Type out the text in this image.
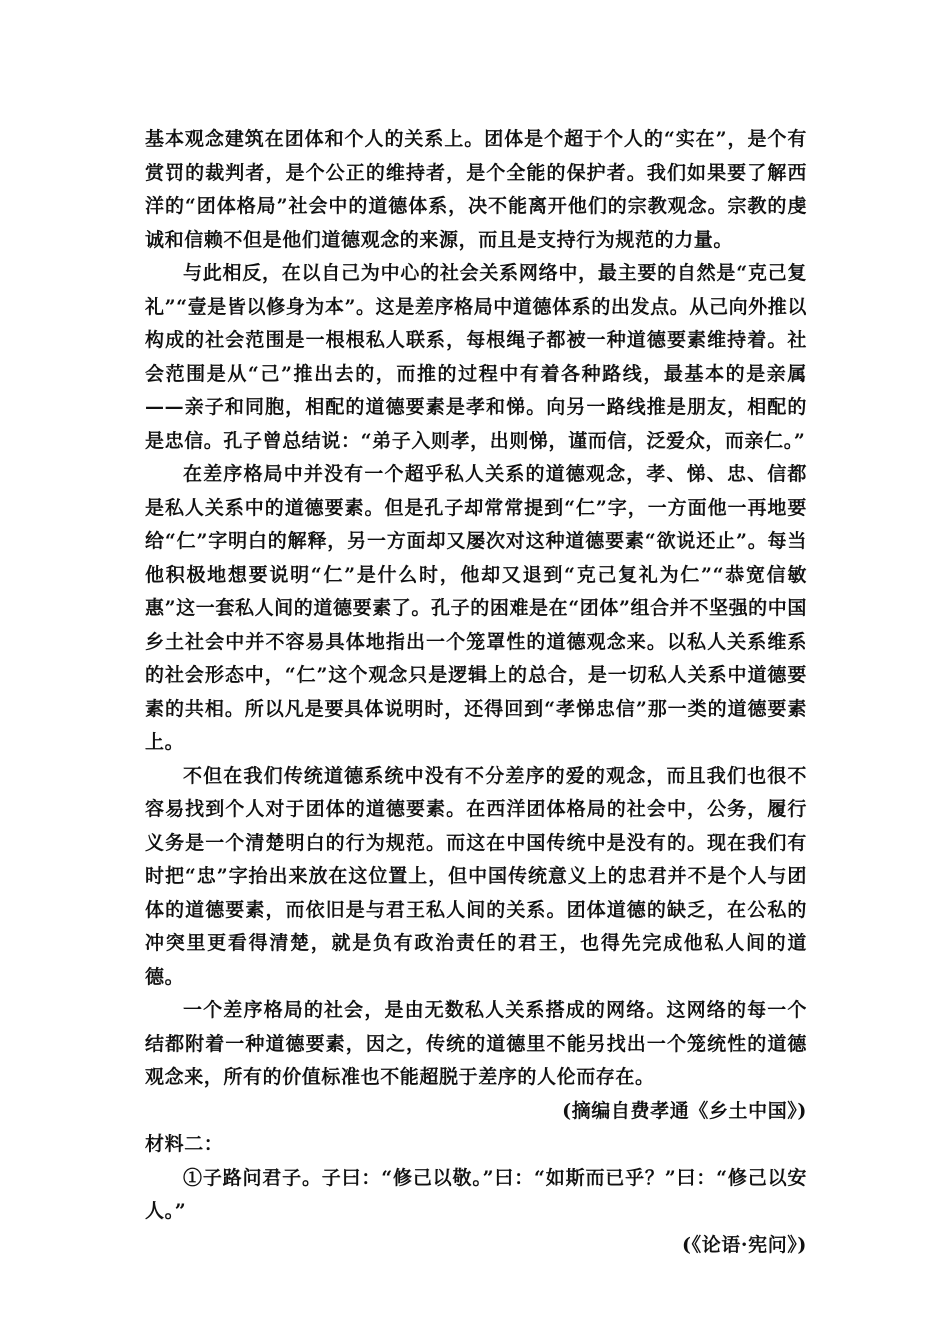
基本观念建筑在团体和个人的关系上。团体是个超于个人的“实在”，是个有赏罚的裁判者，是个公正的维持者，是个全能的保护者。我们如果要了解西洋的“团体格局”社会中的道德体系，决不能离开他们的宗教观念。宗教的虔诚和信赖不但是他们道德观念的来源，而且是支持行为规范的力量。

与此相反，在以自己为中心的社会关系网络中，最主要的自然是“克己复礼”“壹是皆以修身为本”。这是差序格局中道德体系的出发点。从己向外推以构成的社会范围是一根根私人联系，每根绳子都被一种道德要素维持着。社会范围是从“己”推出去的，而推的过程中有着各种路线，最基本的是亲属——亲子和同胞，相配的道德要素是孝和悌。向另一路线推是朋友，相配的是忠信。孔子曾总结说：“弟子入则孝，出则悌，谨而信，泛爱众，而亲仁。”

在差序格局中并没有一个超乎私人关系的道德观念，孝、悌、忠、信都是私人关系中的道德要素。但是孔子却常常提到“仁”字，一方面他一再地要给“仁”字明白的解释，另一方面却又屡次对这种道德要素“欲说还止”。每当他积极地想要说明“仁”是什么时，他却又退到“克己复礼为仁”“恭宽信敏惠”这一套私人间的道德要素了。孔子的困难是在“团体”组合并不坚强的中国乡土社会中并不容易具体地指出一个笼罩性的道德观念来。以私人关系维系的社会形态中，“仁”这个观念只是逻辑上的总合，是一切私人关系中道德要素的共相。所以凡是要具体说明时，还得回到“孝悌忠信”那一类的道德要素上。

不但在我们传统道德系统中没有不分差序的爱的观念，而且我们也很不容易找到个人对于团体的道德要素。在西洋团体格局的社会中，公务，履行义务是一个清楚明白的行为规范。而这在中国传统中是没有的。现在我们有时把“忠”字抬出来放在这位置上，但中国传统意义上的忠君并不是个人与团体的道德要素，而依旧是与君王私人间的关系。团体道德的缺乏，在公私的冲突里更看得清楚，就是负有政治责任的君王，也得先完成他私人间的道德。

一个差序格局的社会，是由无数私人关系搭成的网络。这网络的每一个结都附着一种道德要素，因之，传统的道德里不能另找出一个笼统性的道德观念来，所有的价值标准也不能超脱于差序的人伦而存在。

(摘编自费孝通《乡土中国》)

材料二：

①子路问君子。子曰：“修己以敬。”曰：“如斯而已乎？”曰：“修己以安人。”

(《论语·宪问》)
